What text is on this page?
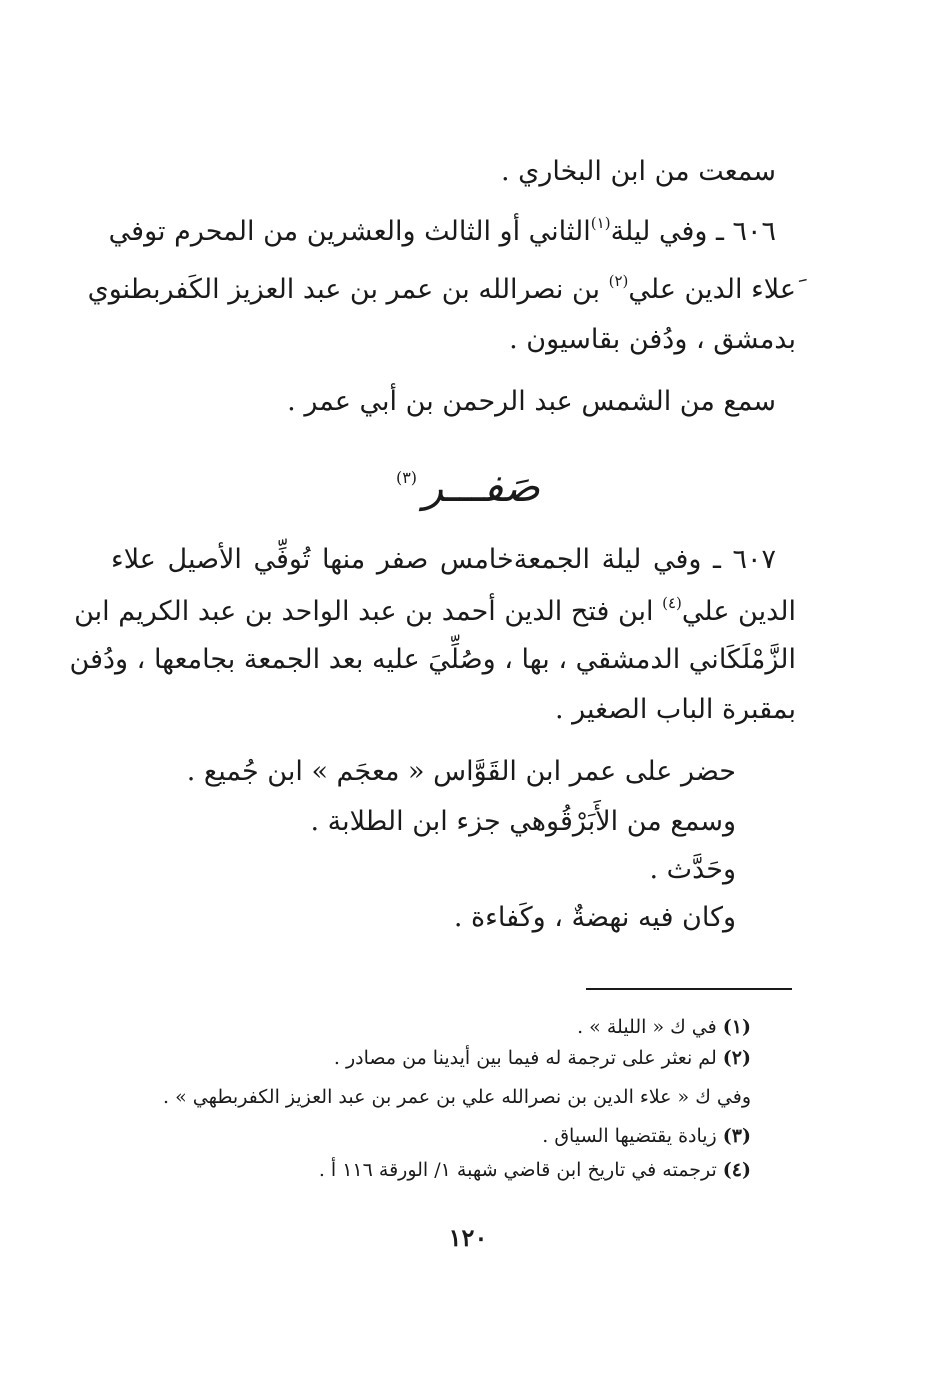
سمعت من ابن البخاري .
٦٠٦ ـ وفي ليلة$^{(١)}$الثاني أو الثالث والعشرين من المحرم توفي
َعلاء الدين علي$^{(٢)}$ بن نصرالله بن عمر بن عبد العزيز الكَفربطنوي
بدمشق ، ودُفن بقاسيون .
سمع من الشمس عبد الرحمن بن أبي عمر .
صَفـــر(٣)
٦٠٧ ـ وفي ليلة الجمعةخامس صفر منها تُوفِّي الأصيل علاء
الدين علي$^{(٤)}$ ابن فتح الدين أحمد بن عبد الواحد بن عبد الكريم ابن
الزَّمْلَكَاني الدمشقي ، بها ، وصُلِّيَ عليه بعد الجمعة بجامعها ، ودُفن
بمقبرة الباب الصغير .
حضر على عمر ابن القَوَّاس « معجَم » ابن جُميع .
وسمع من الأَبَرْقُوهي جزء ابن الطلابة .
وحَدَّث .
وكان فيه نهضةٌ ، وكَفاءة .
(١) في ك « الليلة » .
(٢) لم نعثر على ترجمة له فيما بين أيدينا من مصادر .
وفي ك « علاء الدين بن نصرالله علي بن عمر بن عبد العزيز الكفربطهي » .
(٣) زيادة يقتضيها السياق .
(٤) ترجمته في تاريخ ابن قاضي شهبة ١/ الورقة ١١٦ أ .
١٢٠
